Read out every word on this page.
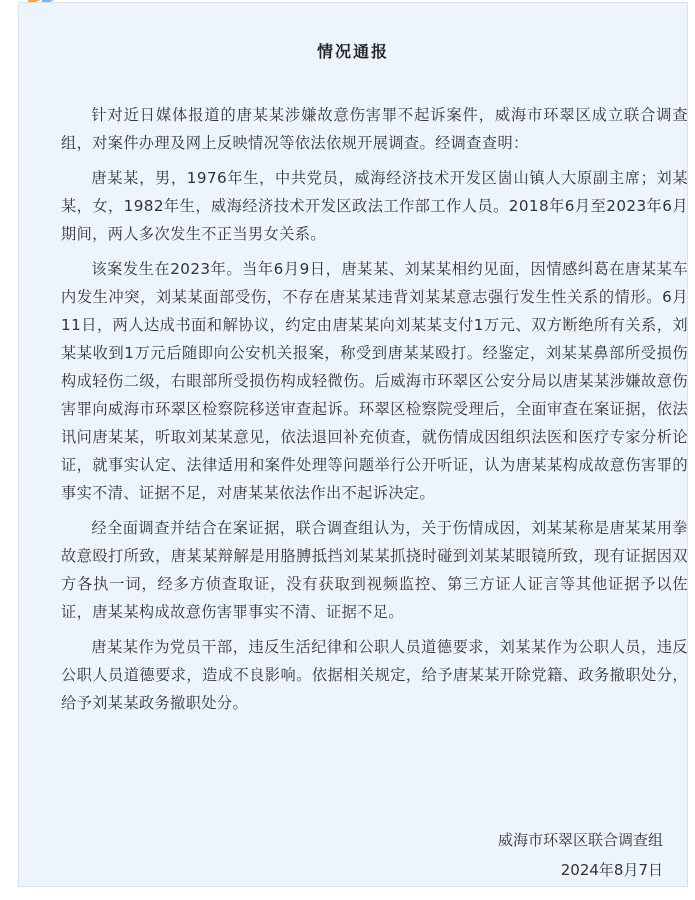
情况通报

针对近日媒体报道的唐某某涉嫌故意伤害罪不起诉案件，威海市环翠区成立联合调查组，对案件办理及网上反映情况等依法依规开展调查。经调查查明：

唐某某，男，1976年生，中共党员，威海经济技术开发区崮山镇人大原副主席；刘某某，女，1982年生，威海经济技术开发区政法工作部工作人员。2018年6月至2023年6月期间，两人多次发生不正当男女关系。

该案发生在2023年。当年6月9日，唐某某、刘某某相约见面，因情感纠葛在唐某某车内发生冲突，刘某某面部受伤，不存在唐某某违背刘某某意志强行发生性关系的情形。6月11日，两人达成书面和解协议，约定由唐某某向刘某某支付1万元、双方断绝所有关系，刘某某收到1万元后随即向公安机关报案，称受到唐某某殴打。经鉴定，刘某某鼻部所受损伤构成轻伤二级，右眼部所受损伤构成轻微伤。后威海市环翠区公安分局以唐某某涉嫌故意伤害罪向威海市环翠区检察院移送审查起诉。环翠区检察院受理后，全面审查在案证据，依法讯问唐某某，听取刘某某意见，依法退回补充侦查，就伤情成因组织法医和医疗专家分析论证，就事实认定、法律适用和案件处理等问题举行公开听证，认为唐某某构成故意伤害罪的事实不清、证据不足，对唐某某依法作出不起诉决定。

经全面调查并结合在案证据，联合调查组认为，关于伤情成因，刘某某称是唐某某用拳故意殴打所致，唐某某辩解是用胳膊抵挡刘某某抓挠时碰到刘某某眼镜所致，现有证据因双方各执一词，经多方侦查取证，没有获取到视频监控、第三方证人证言等其他证据予以佐证，唐某某构成故意伤害罪事实不清、证据不足。

唐某某作为党员干部，违反生活纪律和公职人员道德要求，刘某某作为公职人员，违反公职人员道德要求，造成不良影响。依据相关规定，给予唐某某开除党籍、政务撤职处分，给予刘某某政务撤职处分。

威海市环翠区联合调查组
2024年8月7日
